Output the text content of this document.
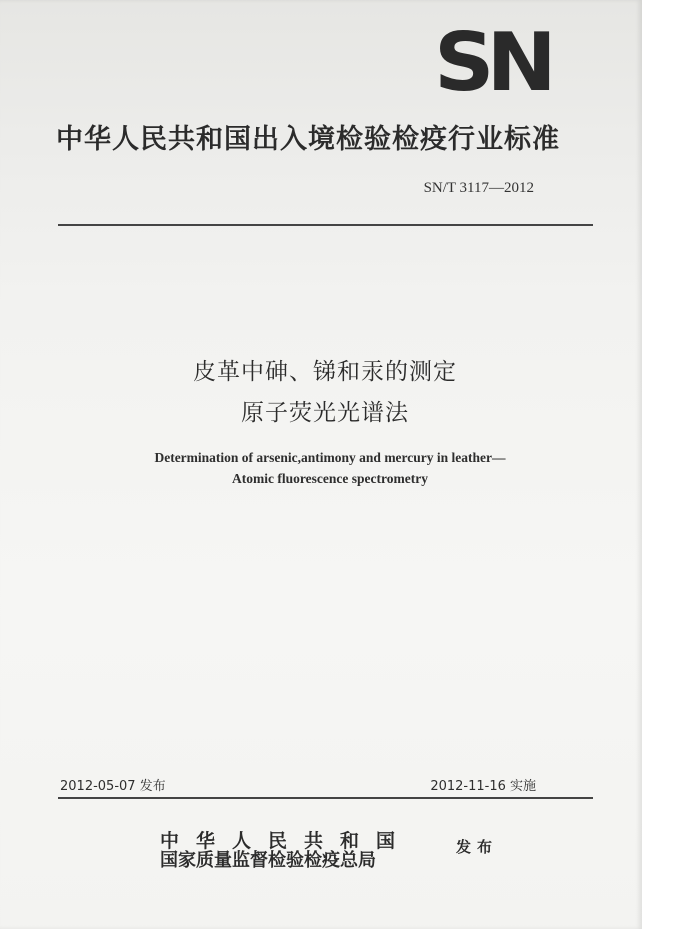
SN
中华人民共和国出入境检验检疫行业标准
SN/T 3117—2012
皮革中砷、锑和汞的测定
原子荧光光谱法
Determination of arsenic,antimony and mercury in leather—
Atomic fluorescence spectrometry
2012-05-07 发布	2012-11-16 实施
中华人民共和国
国家质量监督检验检疫总局
发布
